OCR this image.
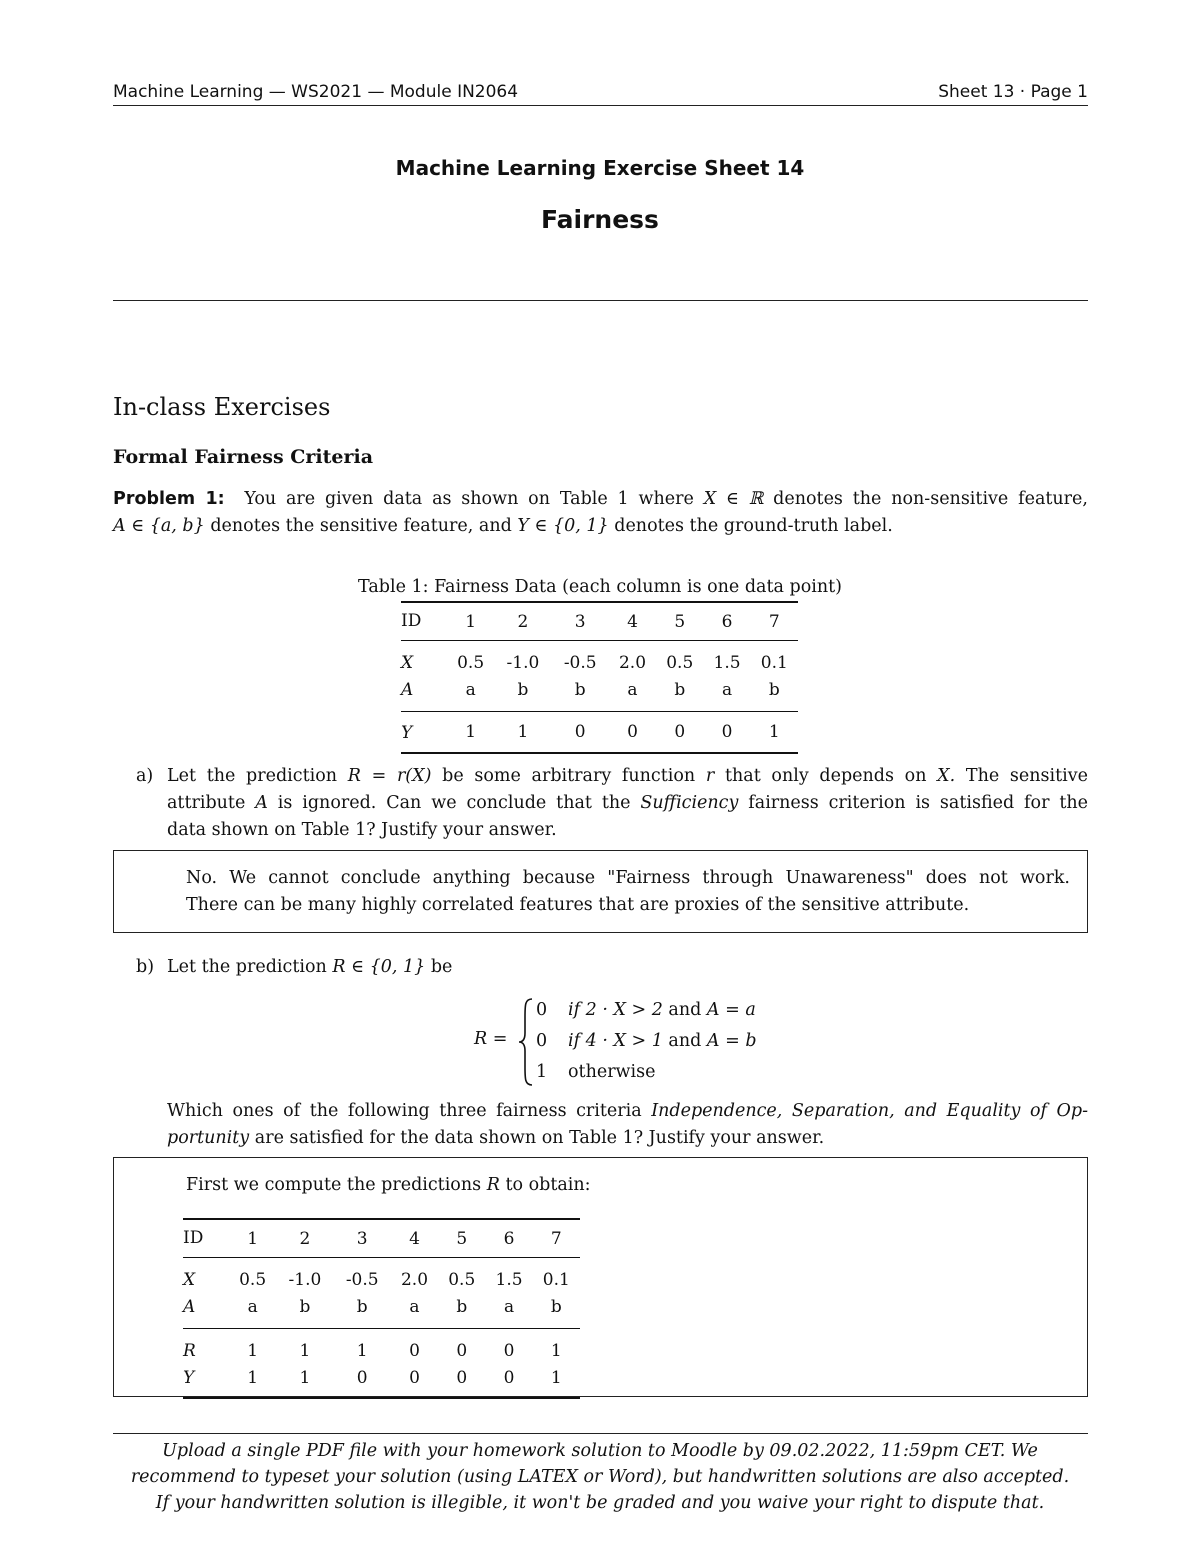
Machine Learning — WS2021 — Module IN2064	Sheet 13 · Page 1
Machine Learning Exercise Sheet 14
Fairness
In-class Exercises
Formal Fairness Criteria
Problem 1: You are given data as shown on Table 1 where X ∈ ℝ denotes the non-sensitive feature,
A ∈ {a, b} denotes the sensitive feature, and Y ∈ {0, 1} denotes the ground-truth label.
Table 1: Fairness Data (each column is one data point)
ID	1	2	3	4	5	6	7
X	0.5	-1.0	-0.5	2.0	0.5	1.5	0.1
A	a	b	b	a	b	a	b
Y	1	1	0	0	0	0	1
a) Let the prediction R = r(X) be some arbitrary function r that only depends on X. The sensitive
attribute A is ignored. Can we conclude that the Sufficiency fairness criterion is satisfied for the
data shown on Table 1? Justify your answer.
No. We cannot conclude anything because "Fairness through Unawareness" does not work.
There can be many highly correlated features that are proxies of the sensitive attribute.
b) Let the prediction R ∈ {0, 1} be
R =
0 if 2 · X > 2 and A = a
0 if 4 · X > 1 and A = b
1 otherwise
Which ones of the following three fairness criteria Independence, Separation, and Equality of Op-
portunity are satisfied for the data shown on Table 1? Justify your answer.
First we compute the predictions R to obtain:
ID	1	2	3	4	5	6	7
X	0.5	-1.0	-0.5	2.0	0.5	1.5	0.1
A	a	b	b	a	b	a	b
R	1	1	1	0	0	0	1
Y	1	1	0	0	0	0	1
Upload a single PDF file with your homework solution to Moodle by 09.02.2022, 11:59pm CET. We
recommend to typeset your solution (using LATEX or Word), but handwritten solutions are also accepted.
If your handwritten solution is illegible, it won't be graded and you waive your right to dispute that.
